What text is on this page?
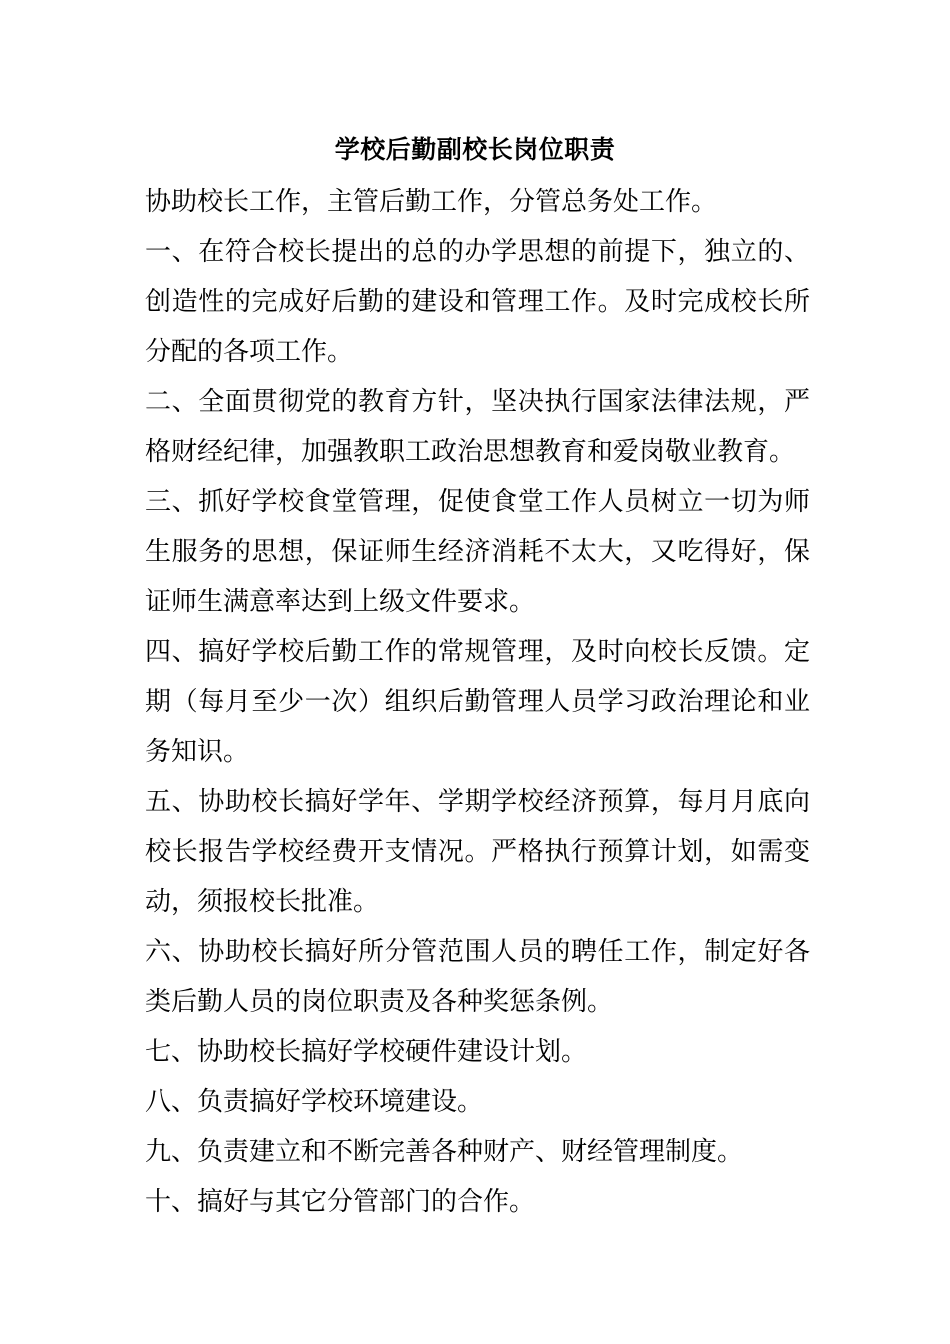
学校后勤副校长岗位职责

协助校长工作，主管后勤工作，分管总务处工作。

一、在符合校长提出的总的办学思想的前提下，独立的、创造性的完成好后勤的建设和管理工作。及时完成校长所分配的各项工作。

二、全面贯彻党的教育方针，坚决执行国家法律法规，严格财经纪律，加强教职工政治思想教育和爱岗敬业教育。

三、抓好学校食堂管理，促使食堂工作人员树立一切为师生服务的思想，保证师生经济消耗不太大，又吃得好，保证师生满意率达到上级文件要求。

四、搞好学校后勤工作的常规管理，及时向校长反馈。定期（每月至少一次）组织后勤管理人员学习政治理论和业务知识。

五、协助校长搞好学年、学期学校经济预算，每月月底向校长报告学校经费开支情况。严格执行预算计划，如需变动，须报校长批准。

六、协助校长搞好所分管范围人员的聘任工作，制定好各类后勤人员的岗位职责及各种奖惩条例。

七、协助校长搞好学校硬件建设计划。

八、负责搞好学校环境建设。

九、负责建立和不断完善各种财产、财经管理制度。

十、搞好与其它分管部门的合作。
